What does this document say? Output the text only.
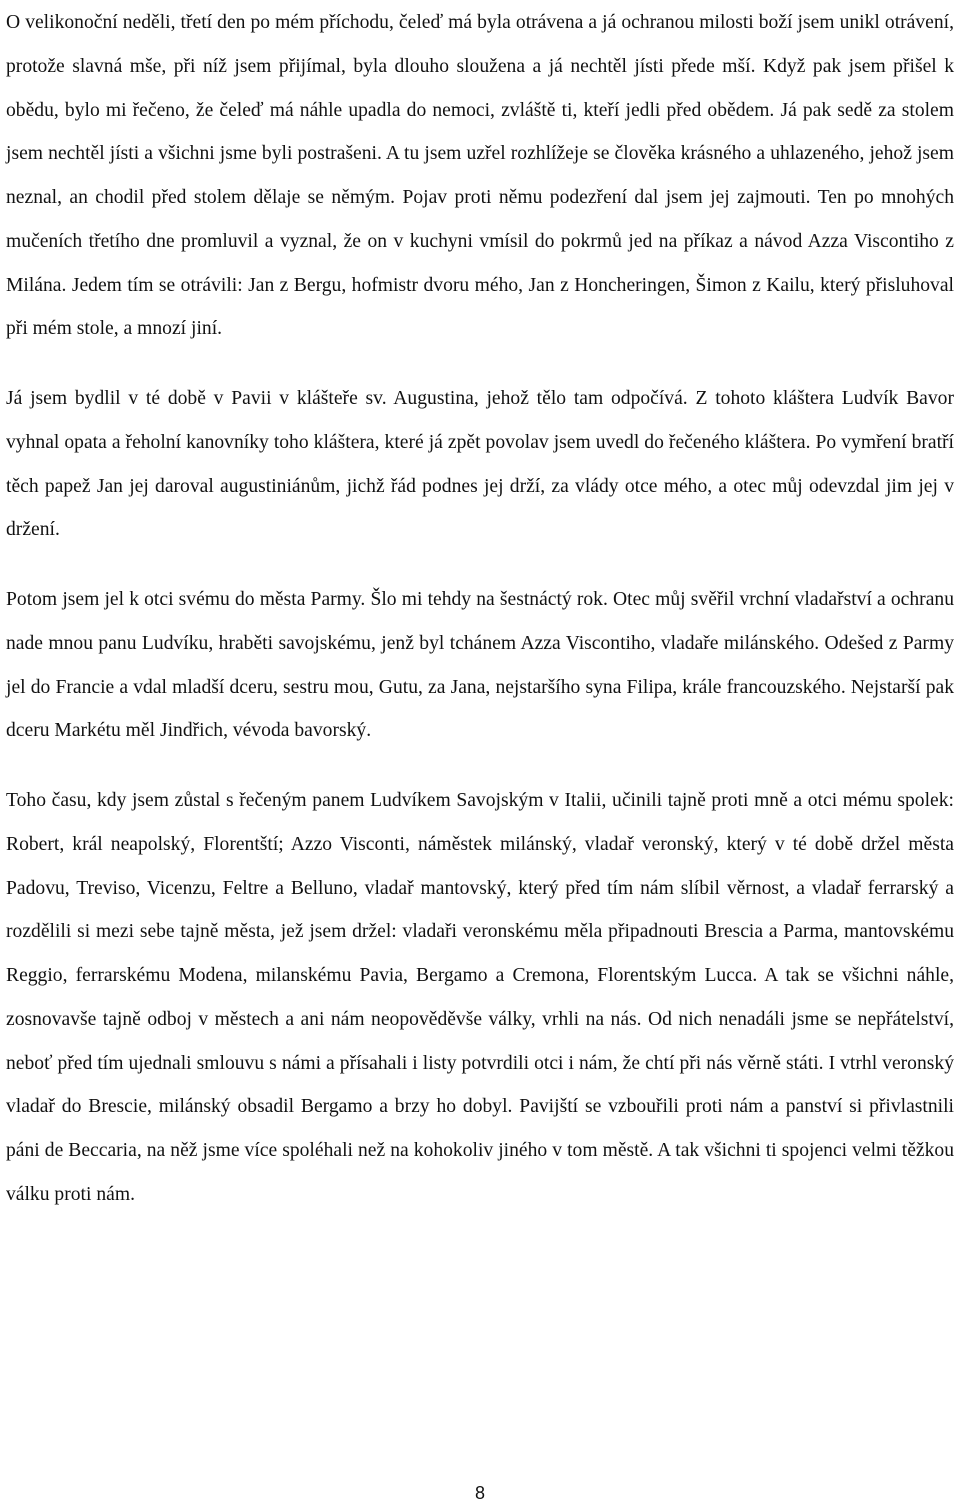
O velikonoční neděli, třetí den po mém příchodu, čeleď má byla otrávena a já ochranou milosti boží jsem unikl otrávení, protože slavná mše, při níž jsem přijímal, byla dlouho sloužena a já nechtěl jísti přede mší. Když pak jsem přišel k obědu, bylo mi řečeno, že čeleď má náhle upadla do nemoci, zvláště ti, kteří jedli před obědem. Já pak sedě za stolem jsem nechtěl jísti a všichni jsme byli postrašeni. A tu jsem uzřel rozhlížeje se člověka krásného a uhlazeného, jehož jsem neznal, an chodil před stolem dělaje se němým. Pojav proti němu podezření dal jsem jej zajmouti. Ten po mnohých mučeních třetího dne promluvil a vyznal, že on v kuchyni vmísil do pokrmů jed na příkaz a návod Azza Viscontiho z Milána. Jedem tím se otrávili: Jan z Bergu, hofmistr dvoru mého, Jan z Honcheringen, Šimon z Kailu, který přisluhoval při mém stole, a mnozí jiní.

Já jsem bydlil v té době v Pavii v klášteře sv. Augustina, jehož tělo tam odpočívá. Z tohoto kláštera Ludvík Bavor vyhnal opata a řeholní kanovníky toho kláštera, které já zpět povolav jsem uvedl do řečeného kláštera. Po vymření bratří těch papež Jan jej daroval augustiniánům, jichž řád podnes jej drží, za vlády otce mého, a otec můj odevzdal jim jej v držení.

Potom jsem jel k otci svému do města Parmy. Šlo mi tehdy na šestnáctý rok. Otec můj svěřil vrchní vladařství a ochranu nade mnou panu Ludvíku, hraběti savojskému, jenž byl tchánem Azza Viscontiho, vladaře milánského. Odešed z Parmy jel do Francie a vdal mladší dceru, sestru mou, Gutu, za Jana, nejstaršího syna Filipa, krále francouzského. Nejstarší pak dceru Markétu měl Jindřich, vévoda bavorský.

Toho času, kdy jsem zůstal s řečeným panem Ludvíkem Savojským v Italii, učinili tajně proti mně a otci mému spolek: Robert, král neapolský, Florentští; Azzo Visconti, náměstek milánský, vladař veronský, který v té době držel města Padovu, Treviso, Vicenzu, Feltre a Belluno, vladař mantovský, který před tím nám slíbil věrnost, a vladař ferrarský a rozdělili si mezi sebe tajně města, jež jsem držel: vladaři veronskému měla připadnouti Brescia a Parma, mantovskému Reggio, ferrarskému Modena, milanskému Pavia, Bergamo a Cremona, Florentským Lucca. A tak se všichni náhle, zosnovavše tajně odboj v městech a ani nám neopověděvše války, vrhli na nás. Od nich nenadáli jsme se nepřátelství, neboť před tím ujednali smlouvu s námi a přísahali i listy potvrdili otci i nám, že chtí při nás věrně státi. I vtrhl veronský vladař do Brescie, milánský obsadil Bergamo a brzy ho dobyl. Pavijští se vzbouřili proti nám a panství si přivlastnili páni de Beccaria, na něž jsme více spoléhali než na kohokoliv jiného v tom městě. A tak všichni ti spojenci velmi těžkou válku proti nám.

8
